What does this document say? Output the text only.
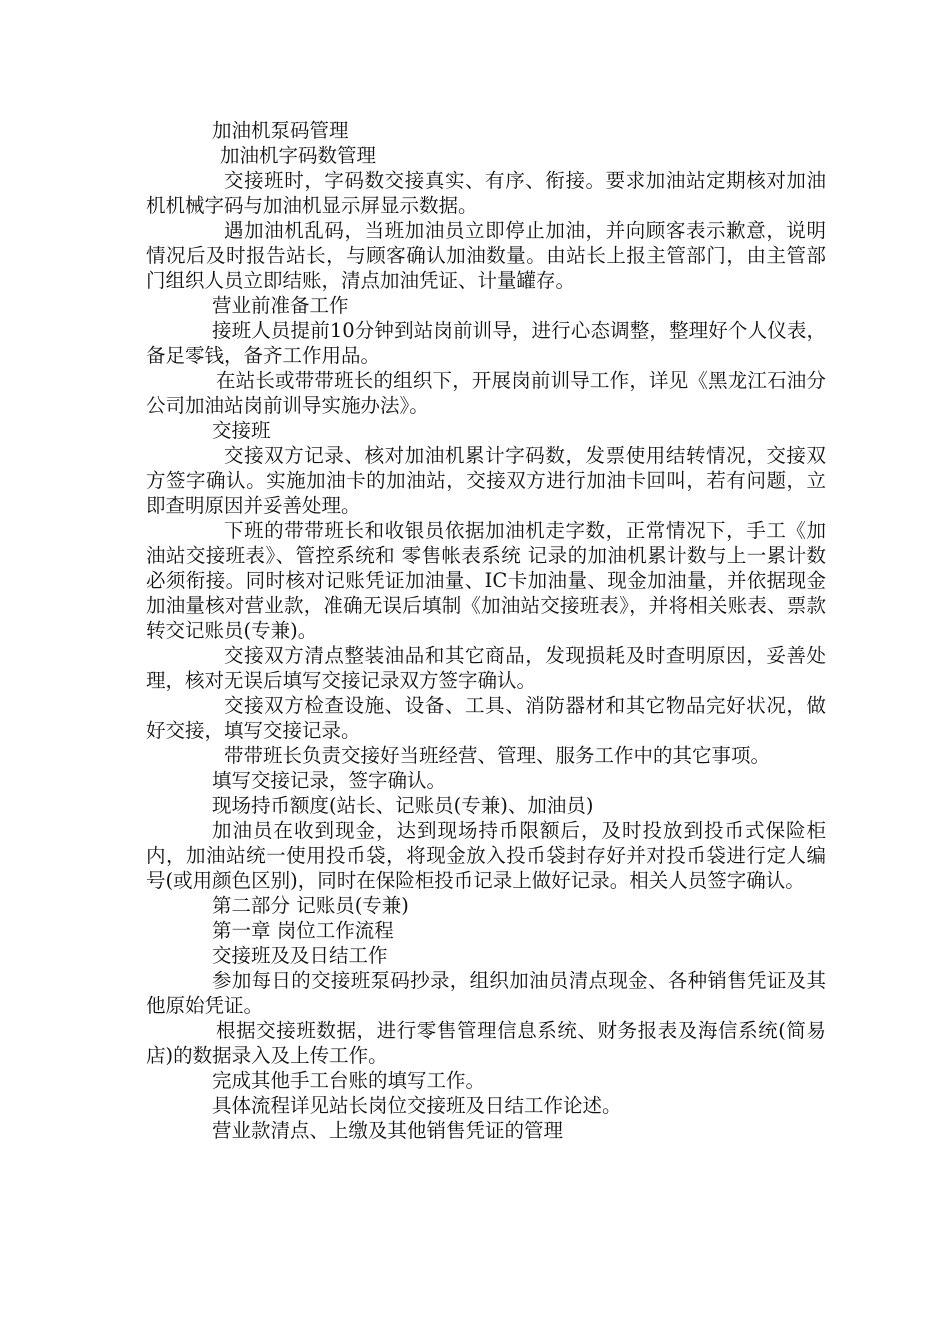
加油机泵码管理

加油机字码数管理

交接班时，字码数交接真实、有序、衔接。要求加油站定期核对加油机机械字码与加油机显示屏显示数据。

遇加油机乱码，当班加油员立即停止加油，并向顾客表示歉意，说明情况后及时报告站长，与顾客确认加油数量。由站长上报主管部门，由主管部门组织人员立即结账，清点加油凭证、计量罐存。

营业前准备工作

接班人员提前10分钟到站岗前训导，进行心态调整，整理好个人仪表，备足零钱，备齐工作用品。

在站长或带带班长的组织下，开展岗前训导工作，详见《黑龙江石油分公司加油站岗前训导实施办法》。

交接班

交接双方记录、核对加油机累计字码数，发票使用结转情况，交接双方签字确认。实施加油卡的加油站，交接双方进行加油卡回叫，若有问题，立即查明原因并妥善处理。

下班的带带班长和收银员依据加油机走字数，正常情况下，手工《加油站交接班表》、管控系统和 零售帐表系统 记录的加油机累计数与上一累计数必须衔接。同时核对记账凭证加油量、IC卡加油量、现金加油量，并依据现金加油量核对营业款，准确无误后填制《加油站交接班表》，并将相关账表、票款转交记账员(专兼)。

交接双方清点整装油品和其它商品，发现损耗及时查明原因，妥善处理，核对无误后填写交接记录双方签字确认。

交接双方检查设施、设备、工具、消防器材和其它物品完好状况，做好交接，填写交接记录。

带带班长负责交接好当班经营、管理、服务工作中的其它事项。

填写交接记录，签字确认。

现场持币额度(站长、记账员(专兼)、加油员)

加油员在收到现金，达到现场持币限额后，及时投放到投币式保险柜内，加油站统一使用投币袋，将现金放入投币袋封存好并对投币袋进行定人编号(或用颜色区别)，同时在保险柜投币记录上做好记录。相关人员签字确认。

第二部分 记账员(专兼)

第一章 岗位工作流程

交接班及及日结工作

参加每日的交接班泵码抄录，组织加油员清点现金、各种销售凭证及其他原始凭证。

根据交接班数据，进行零售管理信息系统、财务报表及海信系统(简易店)的数据录入及上传工作。

完成其他手工台账的填写工作。

具体流程详见站长岗位交接班及日结工作论述。

营业款清点、上缴及其他销售凭证的管理
